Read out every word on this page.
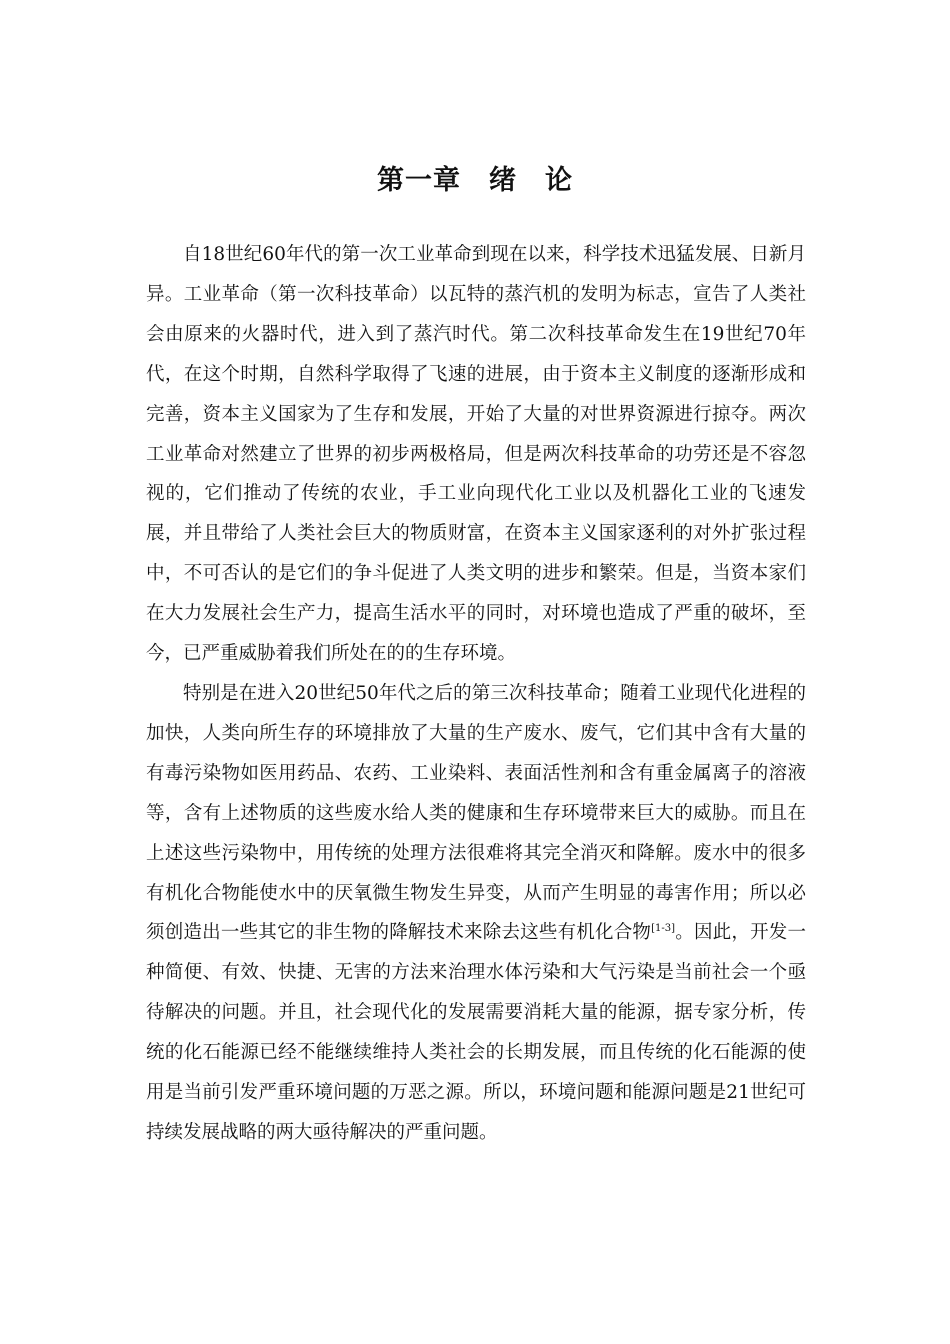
第一章　绪　论

自18世纪60年代的第一次工业革命到现在以来，科学技术迅猛发展、日新月异。工业革命（第一次科技革命）以瓦特的蒸汽机的发明为标志，宣告了人类社会由原来的火器时代，进入到了蒸汽时代。第二次科技革命发生在19世纪70年代，在这个时期，自然科学取得了飞速的进展，由于资本主义制度的逐渐形成和完善，资本主义国家为了生存和发展，开始了大量的对世界资源进行掠夺。两次工业革命对然建立了世界的初步两极格局，但是两次科技革命的功劳还是不容忽视的，它们推动了传统的农业，手工业向现代化工业以及机器化工业的飞速发展，并且带给了人类社会巨大的物质财富，在资本主义国家逐利的对外扩张过程中，不可否认的是它们的争斗促进了人类文明的进步和繁荣。但是，当资本家们在大力发展社会生产力，提高生活水平的同时，对环境也造成了严重的破坏，至今，已严重威胁着我们所处在的的生存环境。

特别是在进入20世纪50年代之后的第三次科技革命；随着工业现代化进程的加快，人类向所生存的环境排放了大量的生产废水、废气，它们其中含有大量的有毒污染物如医用药品、农药、工业染料、表面活性剂和含有重金属离子的溶液等，含有上述物质的这些废水给人类的健康和生存环境带来巨大的威胁。而且在上述这些污染物中，用传统的处理方法很难将其完全消灭和降解。废水中的很多有机化合物能使水中的厌氧微生物发生异变，从而产生明显的毒害作用；所以必须创造出一些其它的非生物的降解技术来除去这些有机化合物[1-3]。因此，开发一种简便、有效、快捷、无害的方法来治理水体污染和大气污染是当前社会一个亟待解决的问题。并且，社会现代化的发展需要消耗大量的能源，据专家分析，传统的化石能源已经不能继续维持人类社会的长期发展，而且传统的化石能源的使用是当前引发严重环境问题的万恶之源。所以，环境问题和能源问题是21世纪可持续发展战略的两大亟待解决的严重问题。
